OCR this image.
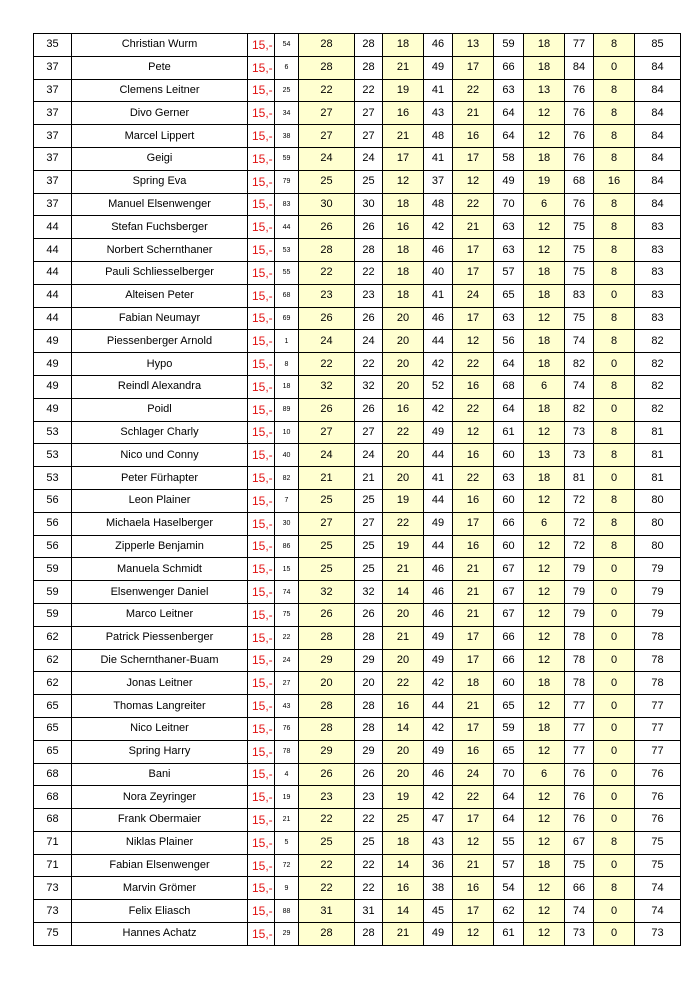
35	Christian Wurm	15,-	54	28	28	18	46	13	59	18	77	8	85
37	Pete	15,-	6	28	28	21	49	17	66	18	84	0	84
37	Clemens Leitner	15,-	25	22	22	19	41	22	63	13	76	8	84
37	Divo Gerner	15,-	34	27	27	16	43	21	64	12	76	8	84
37	Marcel Lippert	15,-	38	27	27	21	48	16	64	12	76	8	84
37	Geigi	15,-	59	24	24	17	41	17	58	18	76	8	84
37	Spring Eva	15,-	79	25	25	12	37	12	49	19	68	16	84
37	Manuel Elsenwenger	15,-	83	30	30	18	48	22	70	6	76	8	84
44	Stefan Fuchsberger	15,-	44	26	26	16	42	21	63	12	75	8	83
44	Norbert Schernthaner	15,-	53	28	28	18	46	17	63	12	75	8	83
44	Pauli Schliesselberger	15,-	55	22	22	18	40	17	57	18	75	8	83
44	Alteisen Peter	15,-	68	23	23	18	41	24	65	18	83	0	83
44	Fabian Neumayr	15,-	69	26	26	20	46	17	63	12	75	8	83
49	Piessenberger Arnold	15,-	1	24	24	20	44	12	56	18	74	8	82
49	Hypo	15,-	8	22	22	20	42	22	64	18	82	0	82
49	Reindl Alexandra	15,-	18	32	32	20	52	16	68	6	74	8	82
49	Poidl	15,-	89	26	26	16	42	22	64	18	82	0	82
53	Schlager Charly	15,-	10	27	27	22	49	12	61	12	73	8	81
53	Nico und Conny	15,-	40	24	24	20	44	16	60	13	73	8	81
53	Peter Fürhapter	15,-	82	21	21	20	41	22	63	18	81	0	81
56	Leon Plainer	15,-	7	25	25	19	44	16	60	12	72	8	80
56	Michaela Haselberger	15,-	30	27	27	22	49	17	66	6	72	8	80
56	Zipperle Benjamin	15,-	86	25	25	19	44	16	60	12	72	8	80
59	Manuela Schmidt	15,-	15	25	25	21	46	21	67	12	79	0	79
59	Elsenwenger Daniel	15,-	74	32	32	14	46	21	67	12	79	0	79
59	Marco Leitner	15,-	75	26	26	20	46	21	67	12	79	0	79
62	Patrick Piessenberger	15,-	22	28	28	21	49	17	66	12	78	0	78
62	Die Schernthaner-Buam	15,-	24	29	29	20	49	17	66	12	78	0	78
62	Jonas Leitner	15,-	27	20	20	22	42	18	60	18	78	0	78
65	Thomas Langreiter	15,-	43	28	28	16	44	21	65	12	77	0	77
65	Nico Leitner	15,-	76	28	28	14	42	17	59	18	77	0	77
65	Spring Harry	15,-	78	29	29	20	49	16	65	12	77	0	77
68	Bani	15,-	4	26	26	20	46	24	70	6	76	0	76
68	Nora Zeyringer	15,-	19	23	23	19	42	22	64	12	76	0	76
68	Frank Obermaier	15,-	21	22	22	25	47	17	64	12	76	0	76
71	Niklas Plainer	15,-	5	25	25	18	43	12	55	12	67	8	75
71	Fabian Elsenwenger	15,-	72	22	22	14	36	21	57	18	75	0	75
73	Marvin Grömer	15,-	9	22	22	16	38	16	54	12	66	8	74
73	Felix Eliasch	15,-	88	31	31	14	45	17	62	12	74	0	74
75	Hannes Achatz	15,-	29	28	28	21	49	12	61	12	73	0	73
